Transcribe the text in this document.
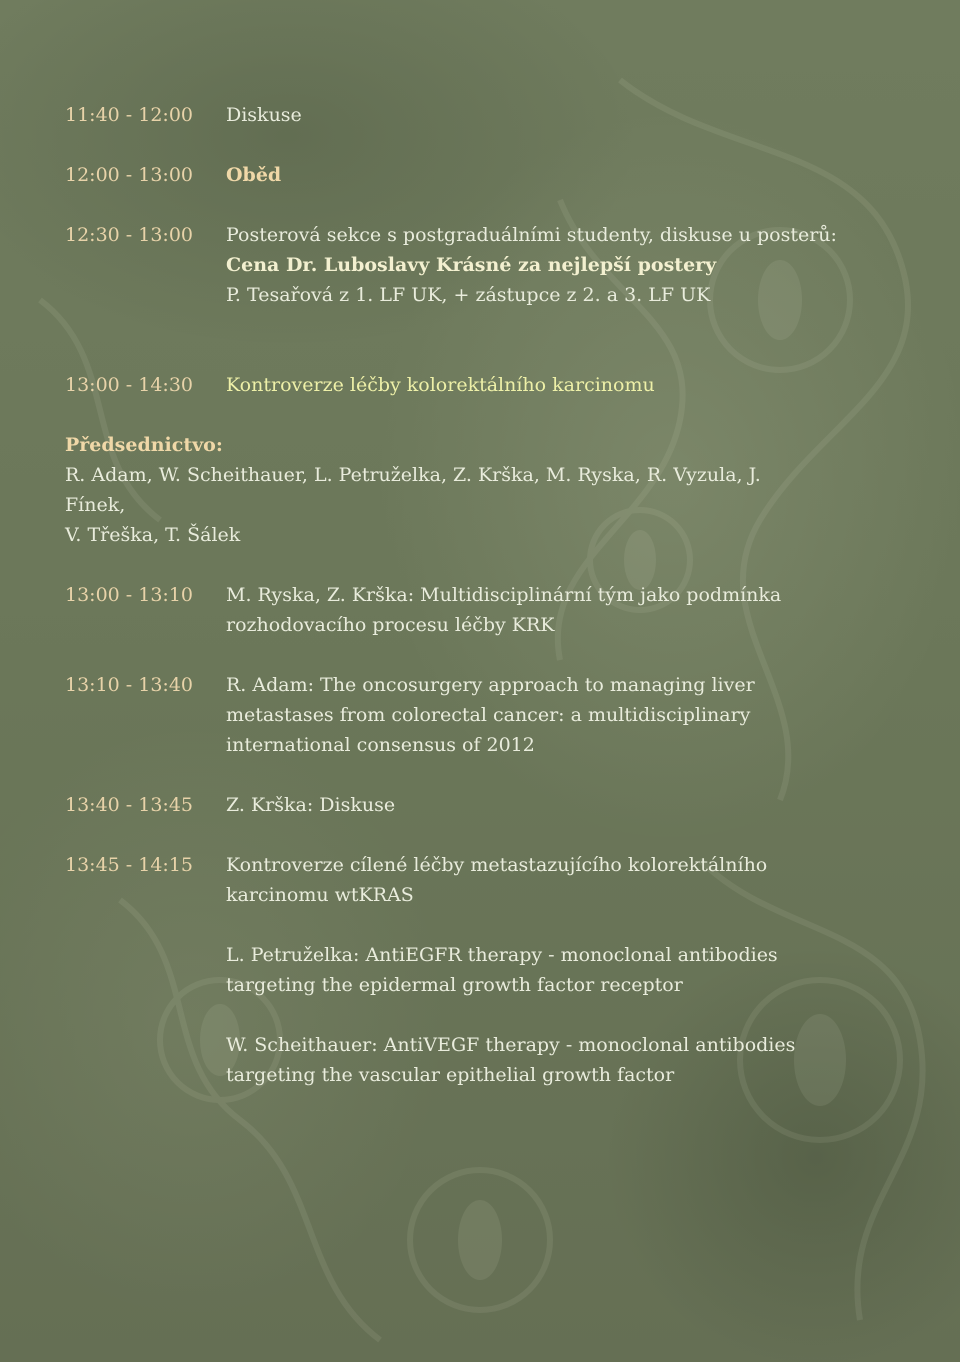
11:40 - 12:00	Diskuse
12:00 - 13:00	Oběd
12:30 - 13:00	Posterová sekce s postgraduálními studenty, diskuse u posterů:
Cena Dr. Luboslavy Krásné za nejlepší postery
P. Tesařová z 1. LF UK, + zástupce z 2. a 3. LF UK
13:00 - 14:30	Kontroverze léčby kolorektálního karcinomu
Předsednictvo:
R. Adam, W. Scheithauer, L. Petruželka, Z. Krška, M. Ryska, R. Vyzula, J. Fínek,
V. Třeška, T. Šálek
13:00 - 13:10	M. Ryska, Z. Krška: Multidisciplinární tým jako podmínka
rozhodovacího procesu léčby KRK
13:10 - 13:40	R. Adam: The oncosurgery approach to managing liver
metastases from colorectal cancer: a multidisciplinary
international consensus of 2012
13:40 - 13:45	Z. Krška: Diskuse
13:45 - 14:15	Kontroverze cílené léčby metastazujícího kolorektálního
karcinomu wtKRAS
L. Petruželka: AntiEGFR therapy - monoclonal antibodies
targeting the epidermal growth factor receptor
W. Scheithauer: AntiVEGF therapy - monoclonal antibodies
targeting the vascular epithelial growth factor
